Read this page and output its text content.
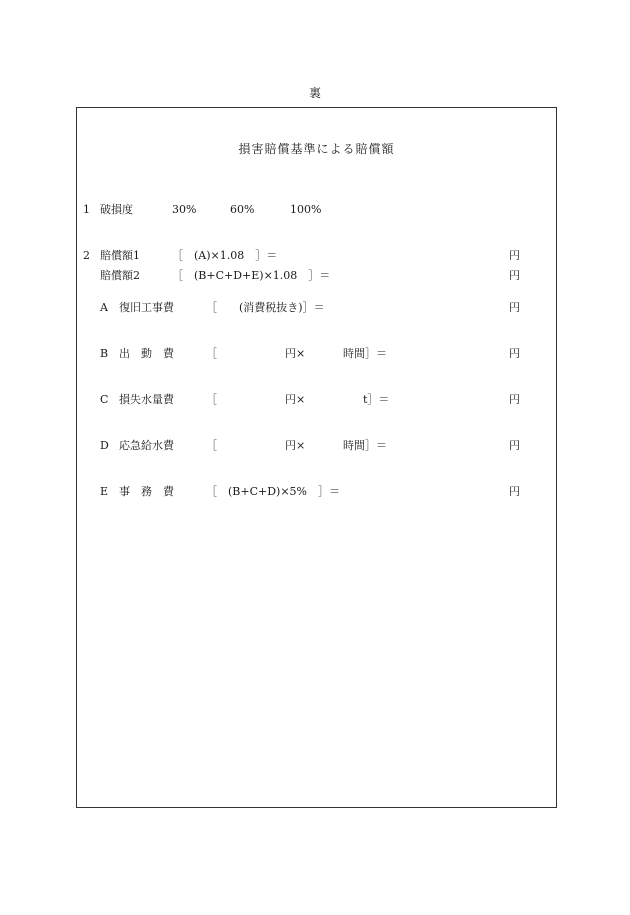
裏
損害賠償基準による賠償額
1 破損度	30%	60%	100%
2 賠償額1	［　(A)×1.08　］＝	円
賠償額2	［　(B+C+D+E)×1.08　］＝	円
A 復旧工事費	［　　(消費税抜き)］＝	円
B 出　動　費	［	円×	時間］＝	円
C 損失水量費	［	円×	t］＝	円
D 応急給水費	［	円×	時間］＝	円
E 事　務　費	［　(B+C+D)×5%　］＝	円
